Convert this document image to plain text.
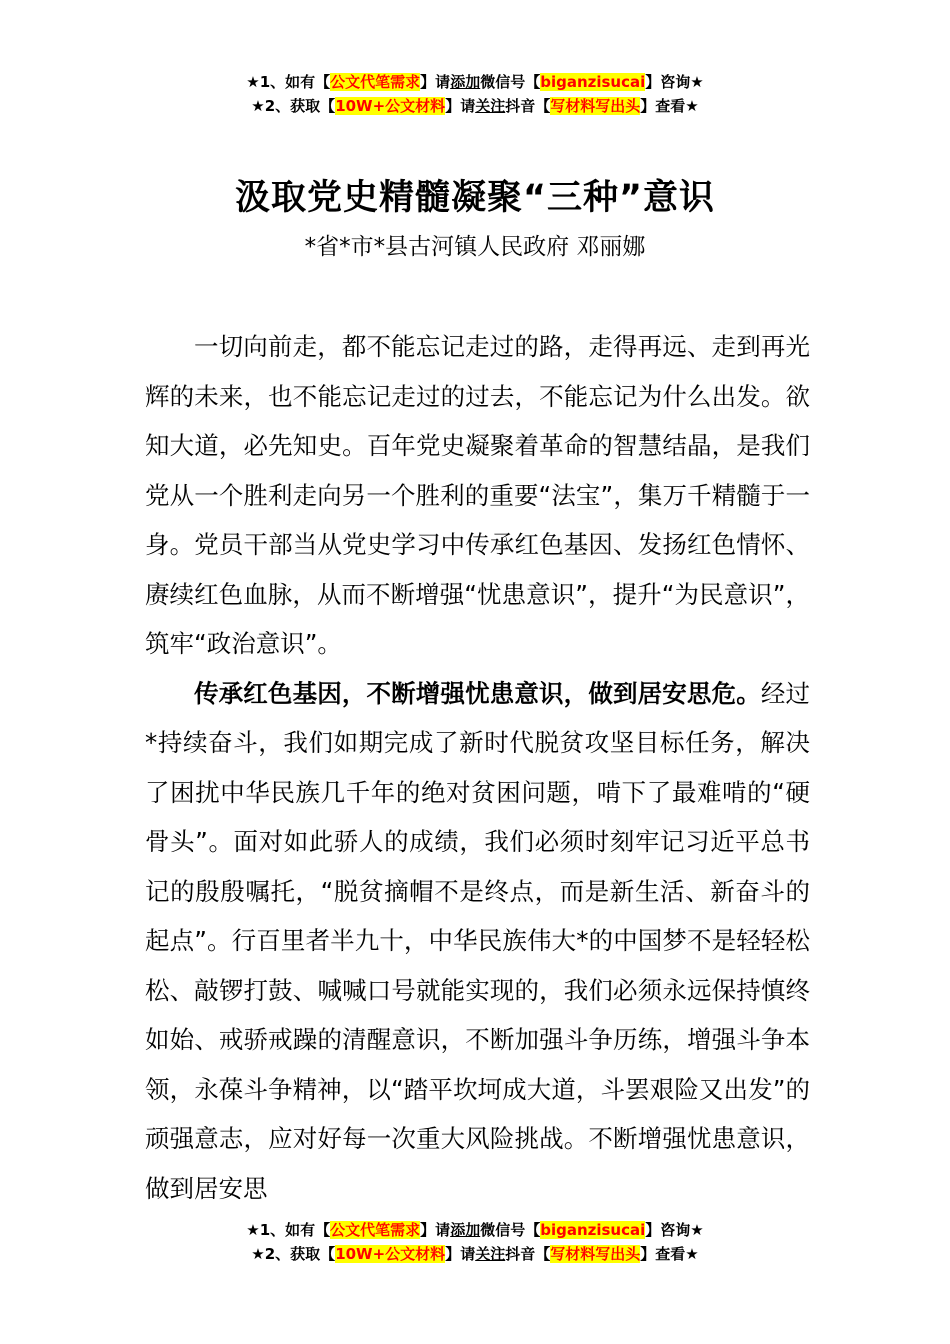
★1、如有【公文代笔需求】请添加微信号【biganzisucai】咨询★
★2、获取【10W+公文材料】请关注抖音【写材料写出头】查看★
汲取党史精髓凝聚“三种”意识
*省*市*县古河镇人民政府 邓丽娜

一切向前走，都不能忘记走过的路，走得再远、走到再光辉的未来，也不能忘记走过的过去，不能忘记为什么出发。欲知大道，必先知史。百年党史凝聚着革命的智慧结晶，是我们党从一个胜利走向另一个胜利的重要“法宝”，集万千精髓于一身。党员干部当从党史学习中传承红色基因、发扬红色情怀、赓续红色血脉，从而不断增强“忧患意识”，提升“为民意识”，筑牢“政治意识”。

传承红色基因，不断增强忧患意识，做到居安思危。经过*持续奋斗，我们如期完成了新时代脱贫攻坚目标任务，解决了困扰中华民族几千年的绝对贫困问题，啃下了最难啃的“硬骨头”。面对如此骄人的成绩，我们必须时刻牢记习近平总书记的殷殷嘱托，“脱贫摘帽不是终点，而是新生活、新奋斗的起点”。行百里者半九十，中华民族伟大*的中国梦不是轻轻松松、敲锣打鼓、喊喊口号就能实现的，我们必须永远保持慎终如始、戒骄戒躁的清醒意识，不断加强斗争历练，增强斗争本领，永葆斗争精神，以“踏平坎坷成大道，斗罢艰险又出发”的顽强意志，应对好每一次重大风险挑战。不断增强忧患意识，做到居安思

★1、如有【公文代笔需求】请添加微信号【biganzisucai】咨询★
★2、获取【10W+公文材料】请关注抖音【写材料写出头】查看★
